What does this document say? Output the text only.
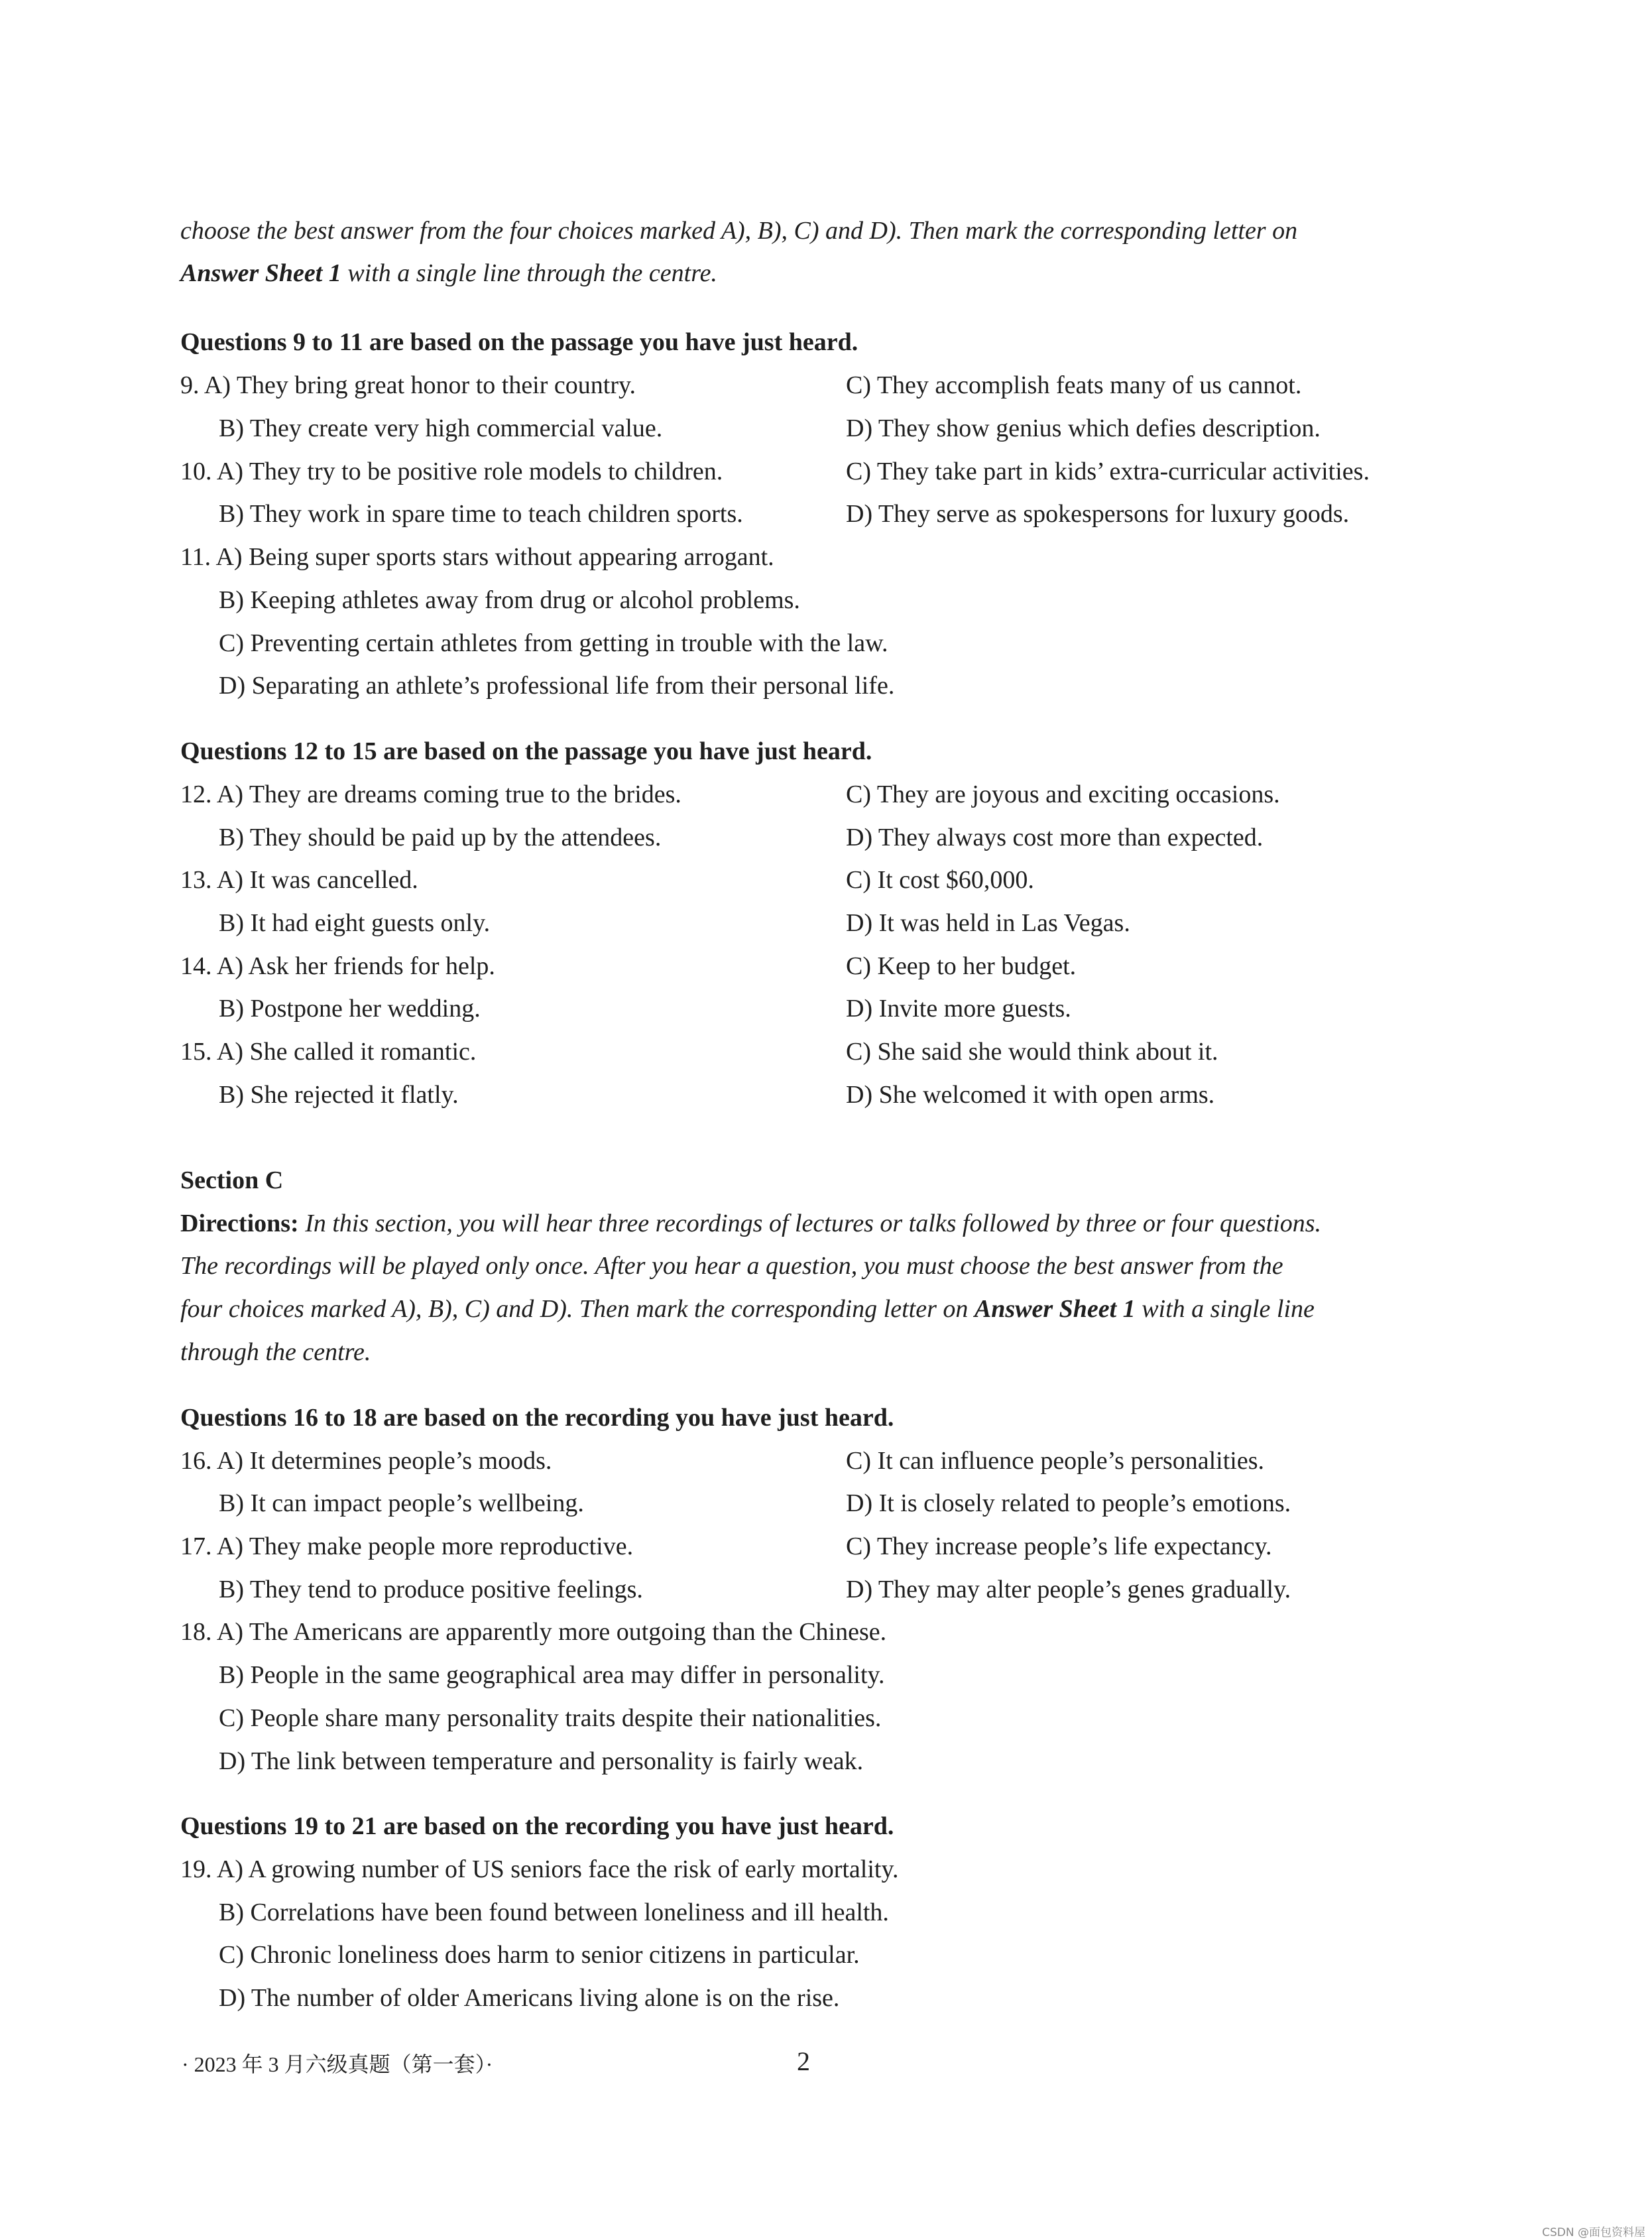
choose the best answer from the four choices marked A), B), C) and D). Then mark the corresponding letter on
Answer Sheet 1 with a single line through the centre.
Questions 9 to 11 are based on the passage you have just heard.
9. A) They bring great honor to their country.	C) They accomplish feats many of us cannot.
B) They create very high commercial value.	D) They show genius which defies description.
10. A) They try to be positive role models to children.	C) They take part in kids’ extra-curricular activities.
B) They work in spare time to teach children sports.	D) They serve as spokespersons for luxury goods.
11. A) Being super sports stars without appearing arrogant.
B) Keeping athletes away from drug or alcohol problems.
C) Preventing certain athletes from getting in trouble with the law.
D) Separating an athlete’s professional life from their personal life.
Questions 12 to 15 are based on the passage you have just heard.
12. A) They are dreams coming true to the brides.	C) They are joyous and exciting occasions.
B) They should be paid up by the attendees.	D) They always cost more than expected.
13. A) It was cancelled.	C) It cost $60,000.
B) It had eight guests only.	D) It was held in Las Vegas.
14. A) Ask her friends for help.	C) Keep to her budget.
B) Postpone her wedding.	D) Invite more guests.
15. A) She called it romantic.	C) She said she would think about it.
B) She rejected it flatly.	D) She welcomed it with open arms.
Section C
Directions: In this section, you will hear three recordings of lectures or talks followed by three or four questions.
The recordings will be played only once. After you hear a question, you must choose the best answer from the
four choices marked A), B), C) and D). Then mark the corresponding letter on Answer Sheet 1 with a single line
through the centre.
Questions 16 to 18 are based on the recording you have just heard.
16. A) It determines people’s moods.	C) It can influence people’s personalities.
B) It can impact people’s wellbeing.	D) It is closely related to people’s emotions.
17. A) They make people more reproductive.	C) They increase people’s life expectancy.
B) They tend to produce positive feelings.	D) They may alter people’s genes gradually.
18. A) The Americans are apparently more outgoing than the Chinese.
B) People in the same geographical area may differ in personality.
C) People share many personality traits despite their nationalities.
D) The link between temperature and personality is fairly weak.
Questions 19 to 21 are based on the recording you have just heard.
19. A) A growing number of US seniors face the risk of early mortality.
B) Correlations have been found between loneliness and ill health.
C) Chronic loneliness does harm to senior citizens in particular.
D) The number of older Americans living alone is on the rise.
· 2023 年 3 月六级真题（第一套）·	2
CSDN @面包资料屋
